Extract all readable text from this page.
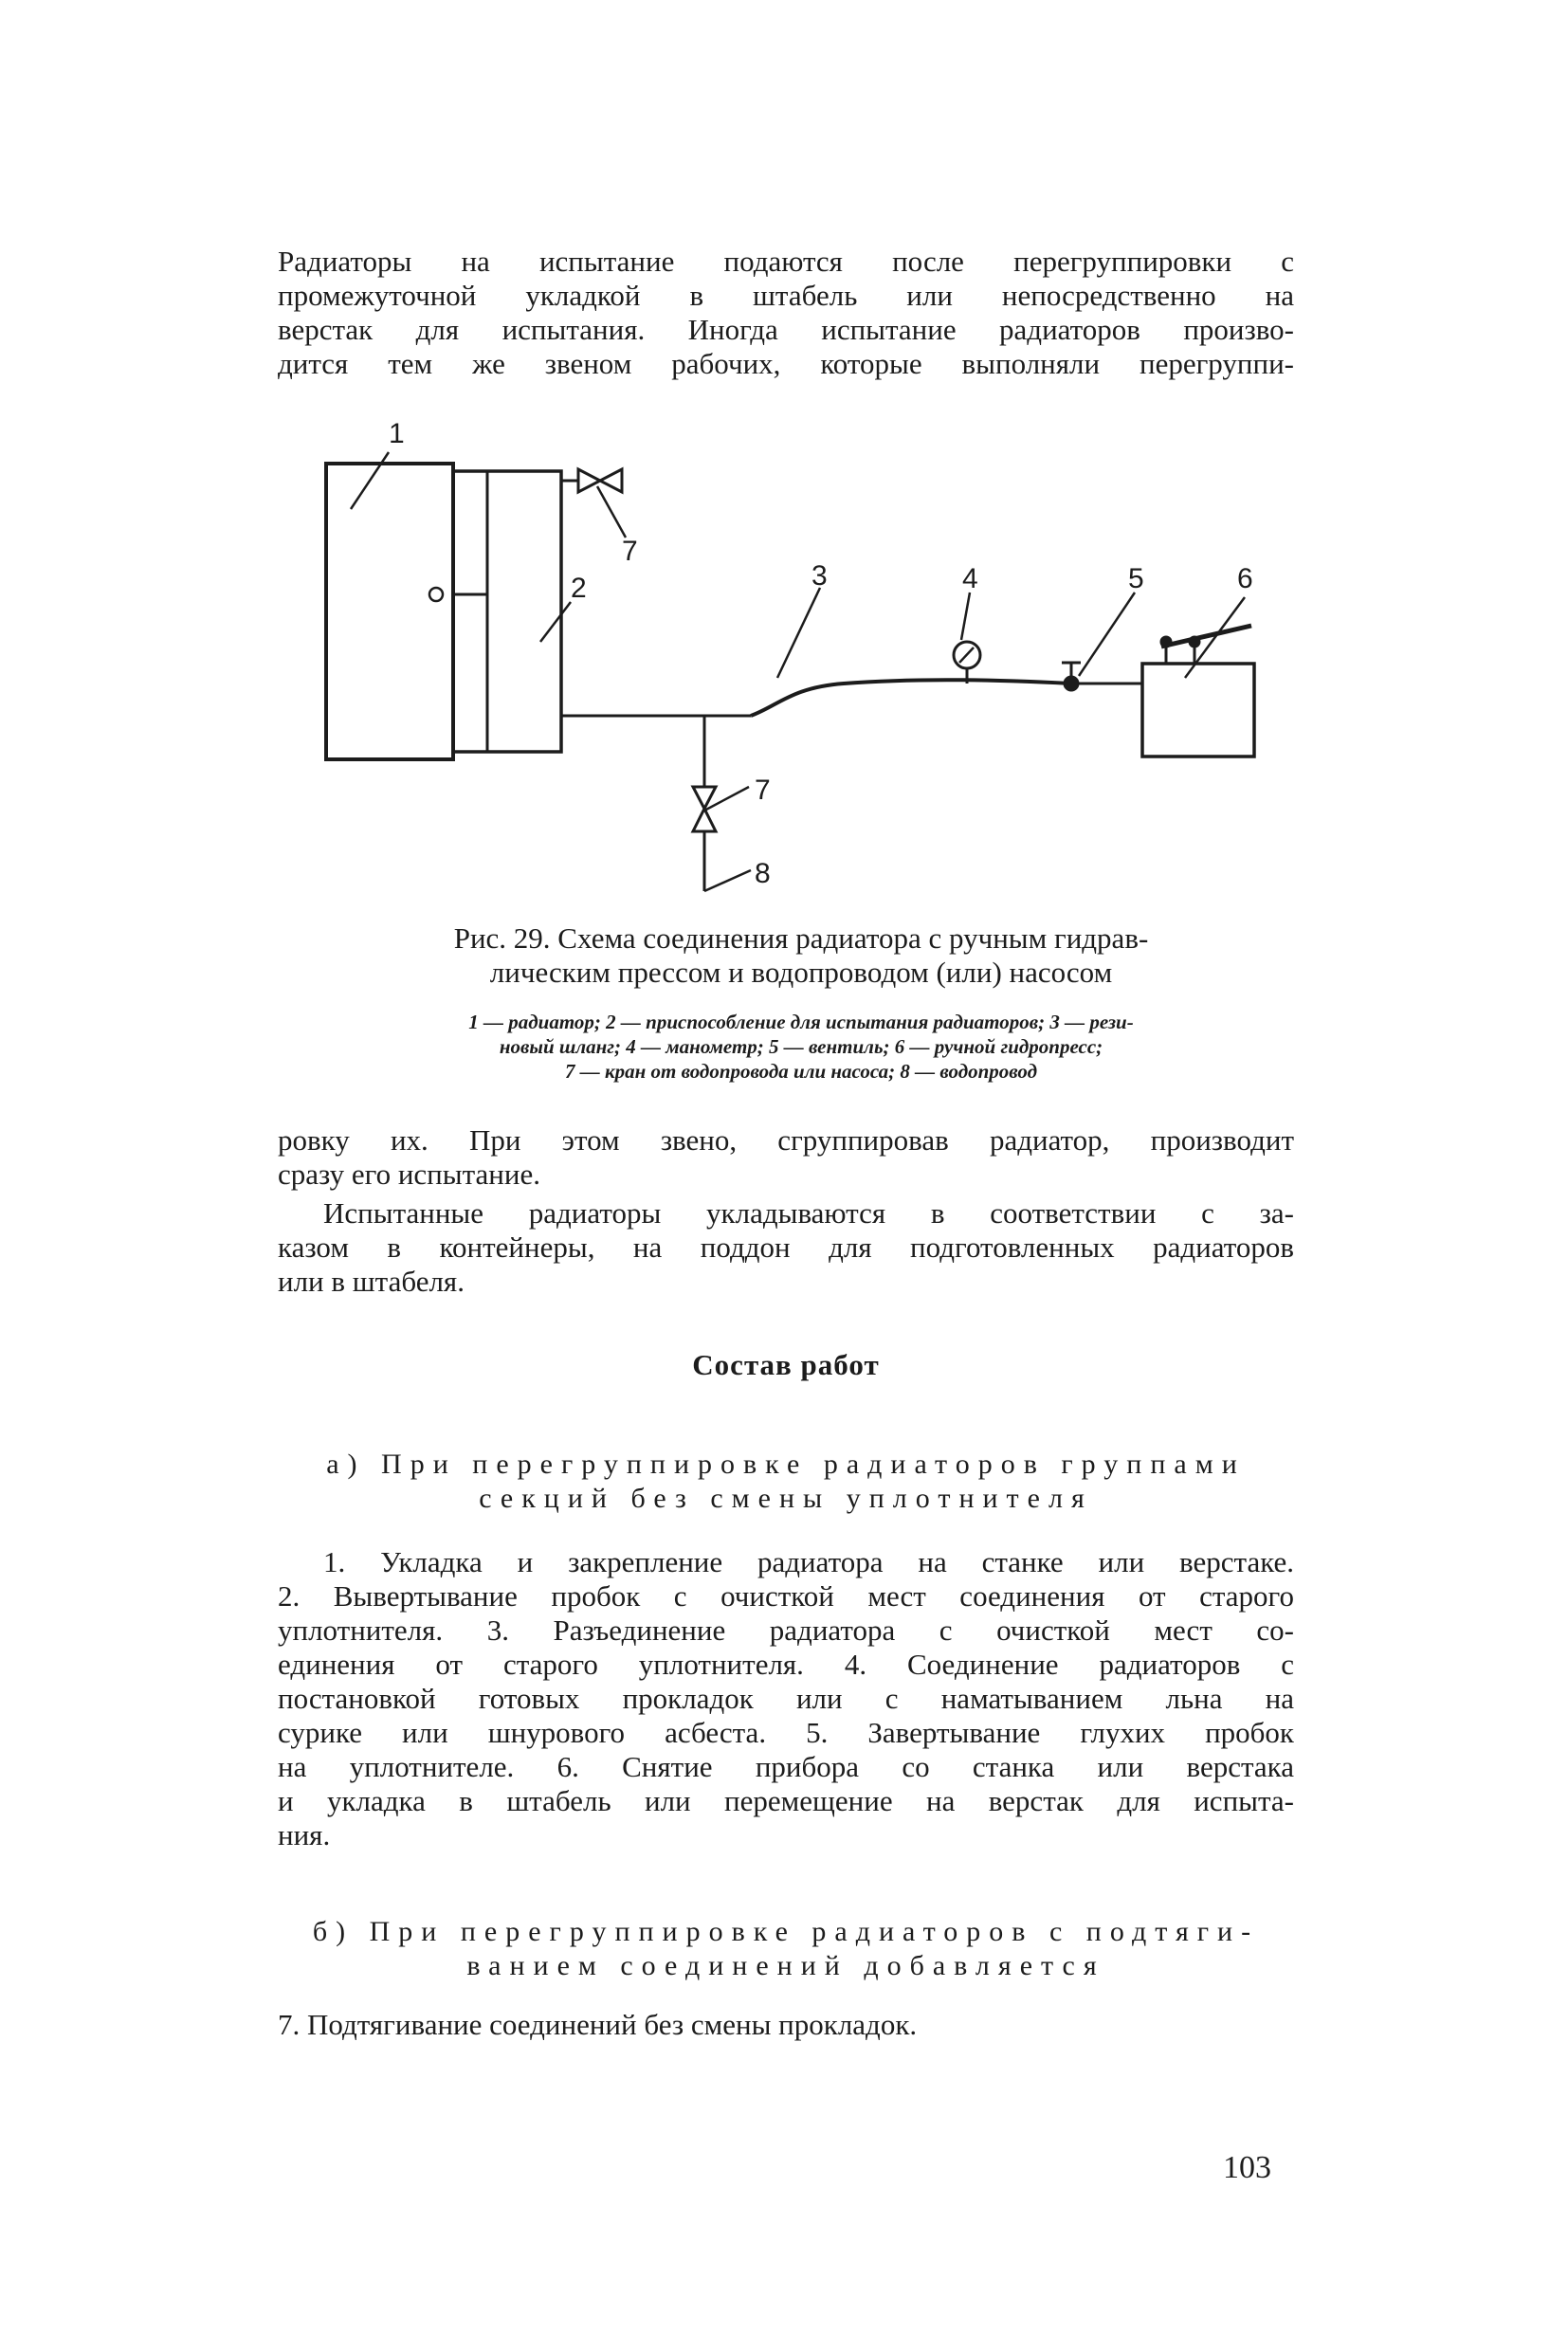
Радиаторы на испытание подаются после перегруппировки с
промежуточной укладкой в штабель или непосредственно на
верстак для испытания. Иногда испытание радиаторов произво-
дится тем же звеном рабочих, которые выполняли перегруппи-

1
2	3	4	5	6
7
7
8
Рис. 29. Схема соединения радиатора с ручным гидрав-
лическим прессом и водопроводом (или) насосом
1 — радиатор; 2 — приспособление для испытания радиаторов; 3 — рези-
новый шланг; 4 — манометр; 5 — вентиль; 6 — ручной гидропресс;
7 — кран от водопровода или насоса; 8 — водопровод

ровку их. При этом звено, сгруппировав радиатор, производит
сразу его испытание.

Испытанные радиаторы укладываются в соответствии с за-
казом в контейнеры, на поддон для подготовленных радиаторов
или в штабеля.

Состав работ
а) При перегруппировке радиаторов группами
секций без смены уплотнителя

1. Укладка и закрепление радиатора на станке или верстаке.
2. Вывертывание пробок с очисткой мест соединения от старого
уплотнителя. 3. Разъединение радиатора с очисткой мест со-
единения от старого уплотнителя. 4. Соединение радиаторов с
постановкой готовых прокладок или с наматыванием льна на
сурике или шнурового асбеста. 5. Завертывание глухих пробок
на уплотнителе. 6. Снятие прибора со станка или верстака
и укладка в штабель или перемещение на верстак для испыта-
ния.

б) При перегруппировке радиаторов с подтяги-
ванием соединений добавляется

7. Подтягивание соединений без смены прокладок.

103
